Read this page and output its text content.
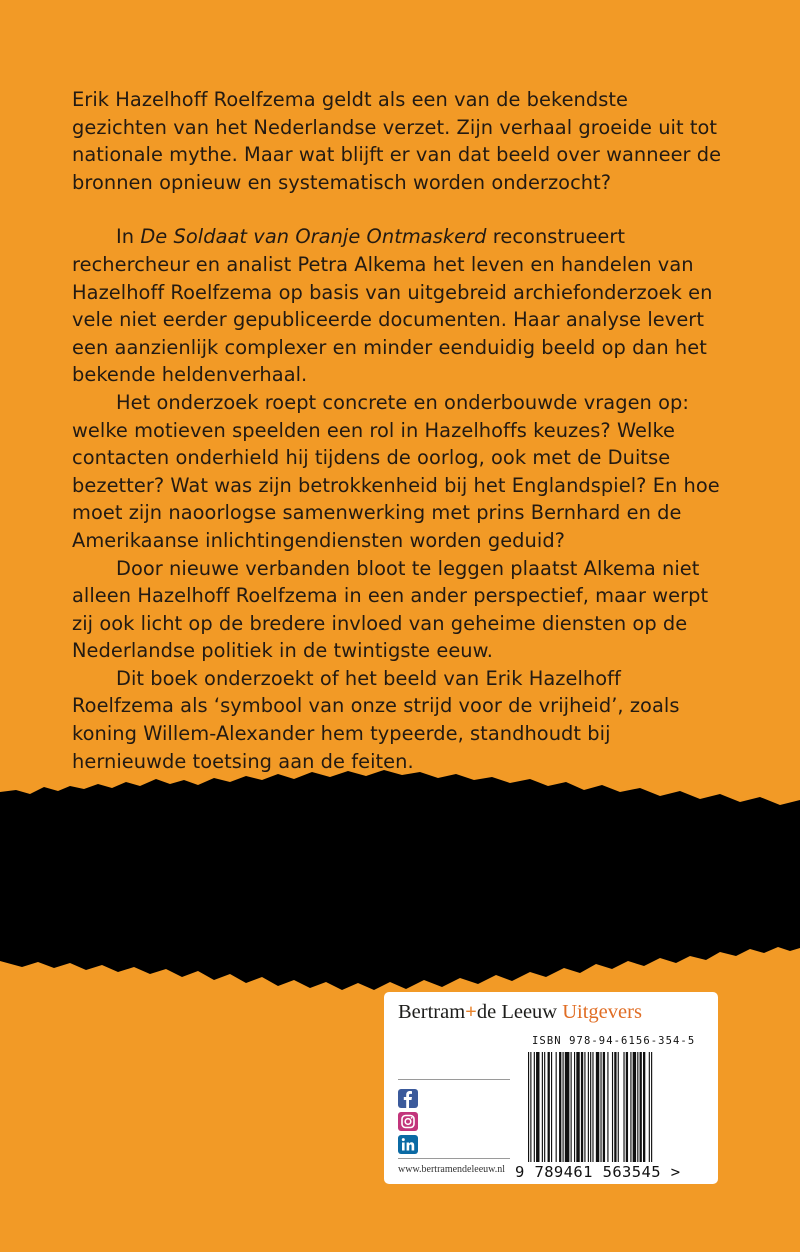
Erik Hazelhoff Roelfzema geldt als een van de bekendste gezichten van het Nederlandse verzet. Zijn verhaal groeide uit tot nationale mythe. Maar wat blijft er van dat beeld over wanneer de bronnen opnieuw en systematisch worden onderzocht?

In De Soldaat van Oranje Ontmaskerd reconstrueert rechercheur en analist Petra Alkema het leven en handelen van Hazelhoff Roelfzema op basis van uitgebreid archiefonderzoek en vele niet eerder gepubliceerde documenten. Haar analyse levert een aanzienlijk complexer en minder eenduidig beeld op dan het bekende heldenverhaal.

Het onderzoek roept concrete en onderbouwde vragen op: welke motieven speelden een rol in Hazelhoffs keuzes? Welke contacten onderhield hij tijdens de oorlog, ook met de Duitse bezetter? Wat was zijn betrokkenheid bij het Englandspiel? En hoe moet zijn naoorlogse samenwerking met prins Bernhard en de Amerikaanse inlichtingendiensten worden geduid?

Door nieuwe verbanden bloot te leggen plaatst Alkema niet alleen Hazelhoff Roelfzema in een ander perspectief, maar werpt zij ook licht op de bredere invloed van geheime diensten op de Nederlandse politiek in de twintigste eeuw.

Dit boek onderzoekt of het beeld van Erik Hazelhoff Roelfzema als ‘symbool van onze strijd voor de vrijheid’, zoals koning Willem-Alexander hem typeerde, standhoudt bij hernieuwde toetsing aan de feiten.

Bertram+de Leeuw Uitgevers
ISBN 978-94-6156-354-5
9 789461 563545 >
www.bertramendeleeuw.nl
